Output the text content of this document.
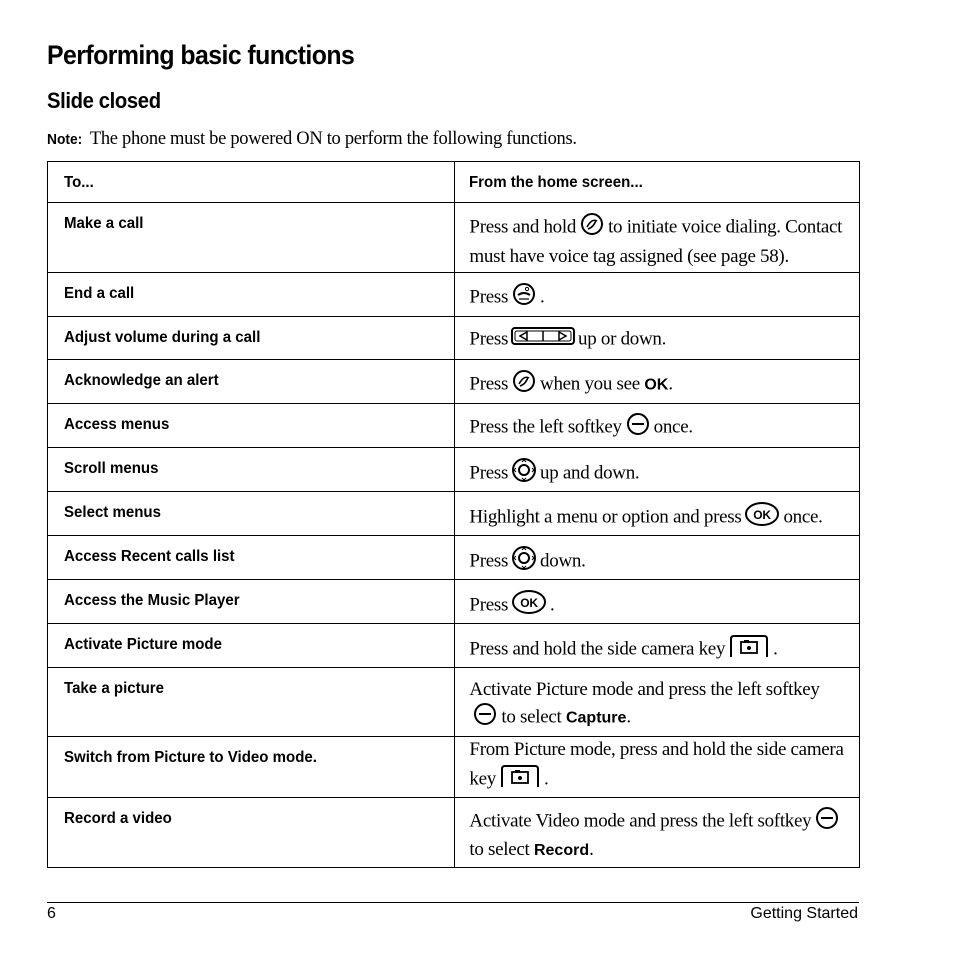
Performing basic functions
Slide closed
Note: The phone must be powered ON to perform the following functions.
To...	From the home screen...
Make a call	Press and hold to initiate voice dialing. Contact must have voice tag assigned (see page 58).
End a call	Press .
Adjust volume during a call	Press up or down.
Acknowledge an alert	Press when you see OK.
Access menus	Press the left softkey once.
Scroll menus	Press up and down.
Select menus	Highlight a menu or option and press OK once.
Access Recent calls list	Press down.
Access the Music Player	Press OK .
Activate Picture mode	Press and hold the side camera key .
Take a picture	Activate Picture mode and press the left softkeyto select Capture.
Switch from Picture to Video mode.	From Picture mode, press and hold the side camera key .
Record a video	Activate Video mode and press the left softkeyto select Record.
6	Getting Started
